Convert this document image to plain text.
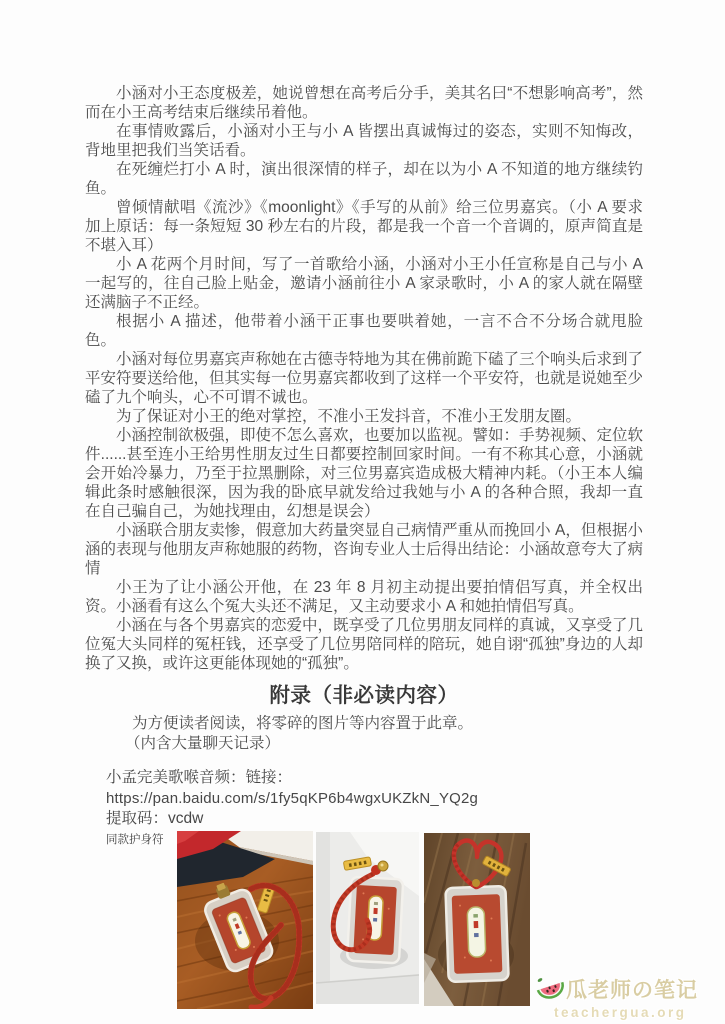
小涵对小王态度极差，她说曾想在高考后分手，美其名曰“不想影响高考”，然而在小王高考结束后继续吊着他。

在事情败露后，小涵对小王与小 A 皆摆出真诚悔过的姿态，实则不知悔改，背地里把我们当笑话看。

在死缠烂打小 A 时，演出很深情的样子，却在以为小 A 不知道的地方继续钓鱼。

曾倾情献唱《流沙》《moonlight》《手写的从前》给三位男嘉宾。（小 A 要求加上原话：每一条短短 30 秒左右的片段，都是我一个音一个音调的，原声简直是不堪入耳）

小 A 花两个月时间，写了一首歌给小涵，小涵对小王小任宣称是自己与小 A 一起写的，往自己脸上贴金，邀请小涵前往小 A 家录歌时，小 A 的家人就在隔壁还满脑子不正经。

根据小 A 描述，他带着小涵干正事也要哄着她，一言不合不分场合就甩脸色。

小涵对每位男嘉宾声称她在古德寺特地为其在佛前跪下磕了三个响头后求到了平安符要送给他，但其实每一位男嘉宾都收到了这样一个平安符，也就是说她至少磕了九个响头，心不可谓不诚也。

为了保证对小王的绝对掌控，不准小王发抖音，不准小王发朋友圈。

小涵控制欲极强，即使不怎么喜欢，也要加以监视。譬如：手势视频、定位软件......甚至连小王给男性朋友过生日都要控制回家时间。一有不称其心意，小涵就会开始冷暴力，乃至于拉黑删除，对三位男嘉宾造成极大精神内耗。（小王本人编辑此条时感触很深，因为我的卧底早就发给过我她与小 A 的各种合照，我却一直在自己骗自己，为她找理由，幻想是误会）

小涵联合朋友卖惨，假意加大药量突显自己病情严重从而挽回小 A，但根据小涵的表现与他朋友声称她服的药物，咨询专业人士后得出结论：小涵故意夸大了病情

小王为了让小涵公开他，在 23 年 8 月初主动提出要拍情侣写真，并全权出资。小涵看有这么个冤大头还不满足，又主动要求小 A 和她拍情侣写真。

小涵在与各个男嘉宾的恋爱中，既享受了几位男朋友同样的真诚，又享受了几位冤大头同样的冤枉钱，还享受了几位男陪同样的陪玩，她自诩“孤独”身边的人却换了又换，或许这更能体现她的“孤独”。

附录（非必读内容）

为方便读者阅读，将零碎的图片等内容置于此章。

（内含大量聊天记录）

小孟完美歌喉音频：链接：

https://pan.baidu.com/s/1fy5qKP6b4wgxUKZkN_YQ2g

提取码：vcdw

同款护身符
瓜老师の笔记
teachergua.org
